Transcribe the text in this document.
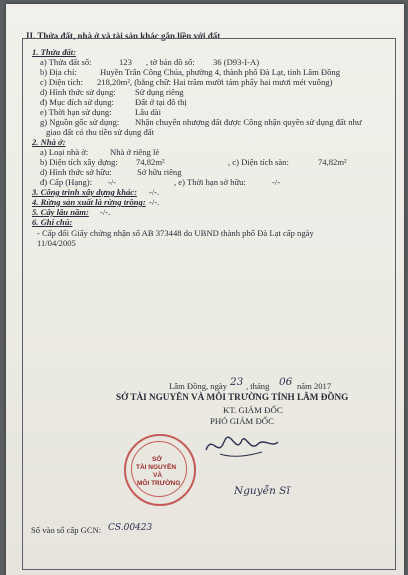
II. Thửa đất, nhà ở và tài sản khác gắn liền với đất
1. Thửa đất:
a) Thửa đất số:	123 , tờ bản đồ số: 36 (D93-I-A)
b) Địa chỉ:	Huyền Trân Công Chúa, phường 4, thành phố Đà Lạt, tỉnh Lâm Đồng
c) Diện tích: 218,20m², (bằng chữ: Hai trăm mười tám phẩy hai mươi mét vuông)
d) Hình thức sử dụng: Sử dụng riêng
đ) Mục đích sử dụng: Đất ở tại đô thị
e) Thời hạn sử dụng:	Lâu dài
g) Nguồn gốc sử dụng: Nhận chuyển nhượng đất được Công nhận quyền sử dụng đất như
giao đất có thu tiền sử dụng đất
2. Nhà ở:
a) Loại nhà ở:	Nhà ở riêng lẻ
b) Diện tích xây dựng: 74,82m²	, c) Diện tích sàn:	74,82m²
d) Hình thức sở hữu:	Sở hữu riêng
đ) Cấp (Hạng): -/-	, e) Thời hạn sở hữu:	-/-
3. Công trình xây dựng khác: -/-.
4. Rừng sản xuất là rừng trồng: -/-.
5. Cây lâu năm: -/-.
6. Ghi chú:
- Cấp đổi Giấy chứng nhận số AB 373448 do UBND thành phố Đà Lạt cấp ngày
11/04/2005
Lâm Đồng, ngày 23 , tháng 06 năm 2017
SỞ TÀI NGUYÊN VÀ MÔI TRƯỜNG TỈNH LÂM ĐỒNG
KT. GIÁM ĐỐC
PHÓ GIÁM ĐỐC
SỞ
TÀI NGUYÊN
VÀ
MÔI TRƯỜNG
Nguyễn Sĩ
Số vào sổ cấp GCN: CS.00423
